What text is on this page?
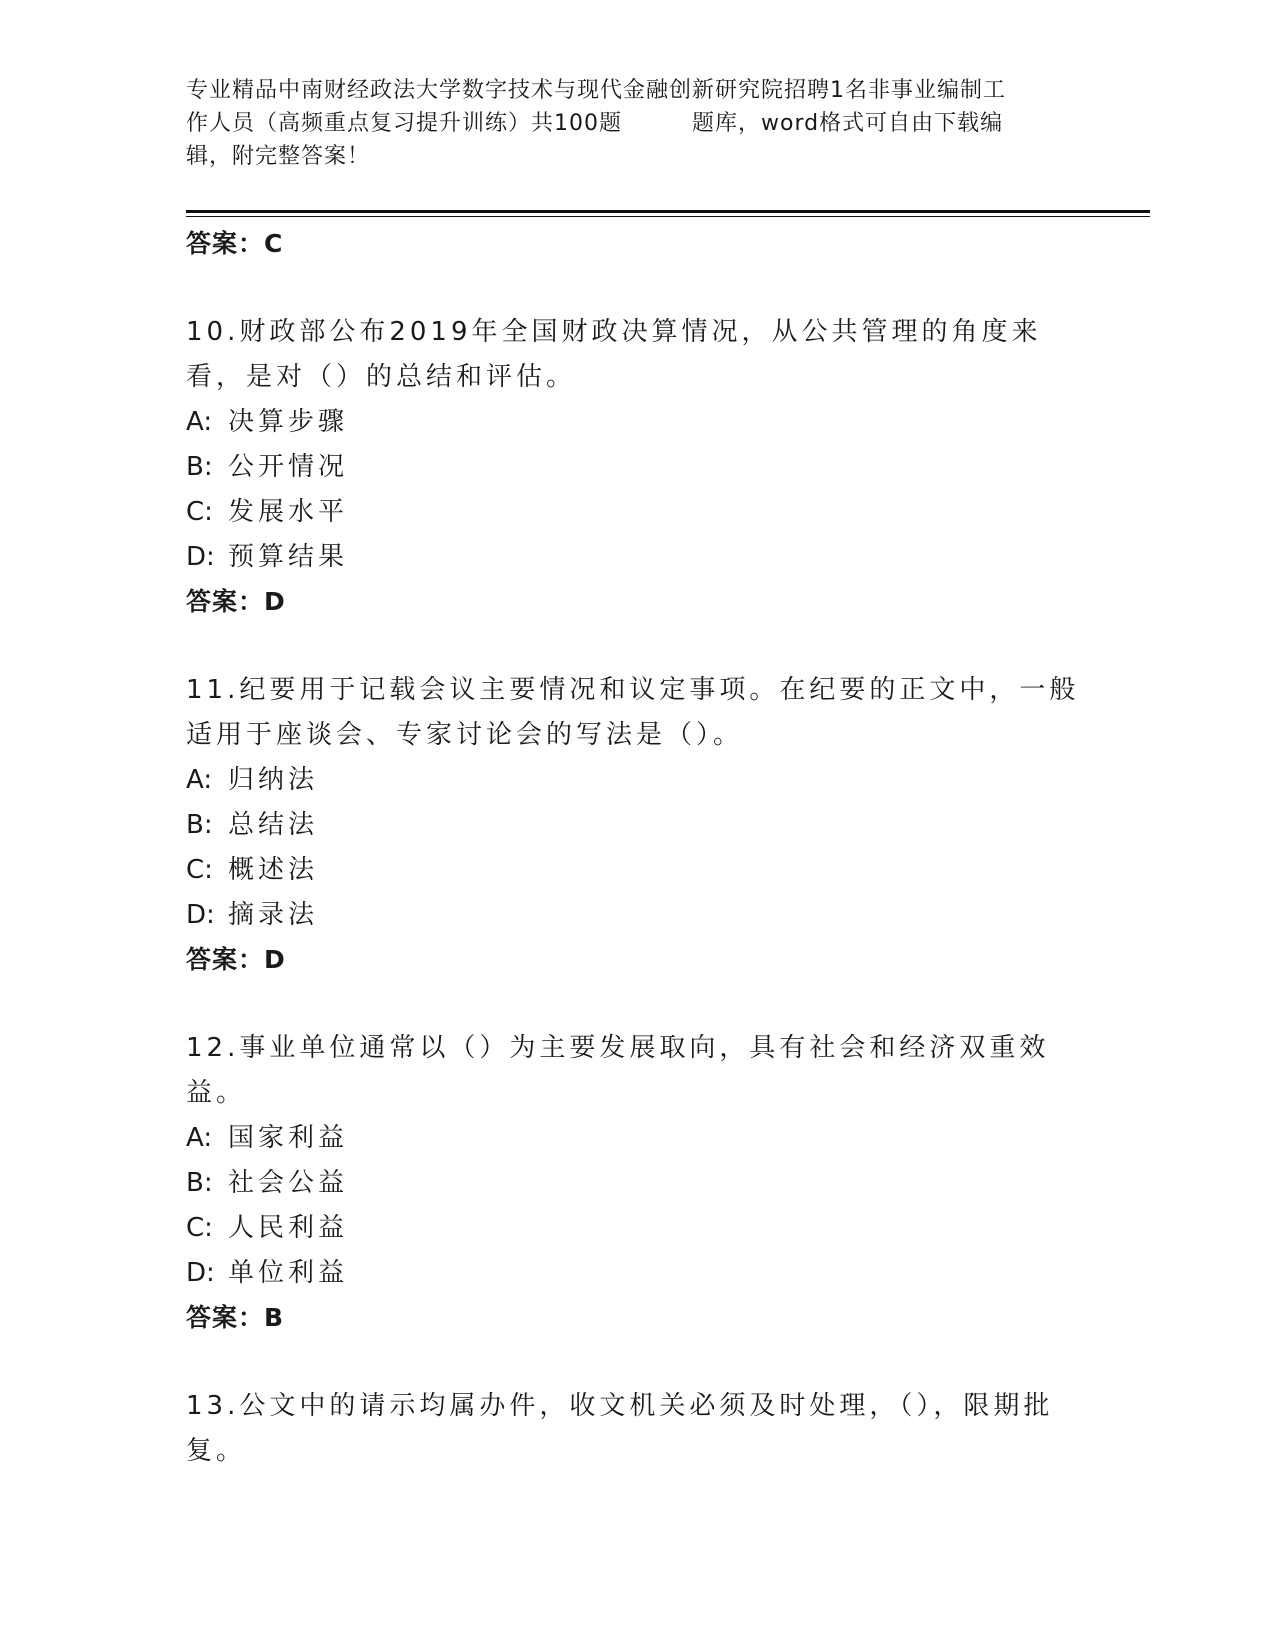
专业精品中南财经政法大学数字技术与现代金融创新研究院招聘1名非事业编制工
作人员（高频重点复习提升训练）共100题	题库，word格式可自由下载编
辑，附完整答案！
答案：C
10.财政部公布2019年全国财政决算情况，从公共管理的角度来看，是对（）的总结和评估。
A: 决算步骤
B: 公开情况
C: 发展水平
D: 预算结果
答案：D
11.纪要用于记载会议主要情况和议定事项。在纪要的正文中，一般适用于座谈会、专家讨论会的写法是（）。
A: 归纳法
B: 总结法
C: 概述法
D: 摘录法
答案：D
12.事业单位通常以（）为主要发展取向，具有社会和经济双重效益。
A: 国家利益
B: 社会公益
C: 人民利益
D: 单位利益
答案：B
13.公文中的请示均属办件，收文机关必须及时处理，（），限期批复。
